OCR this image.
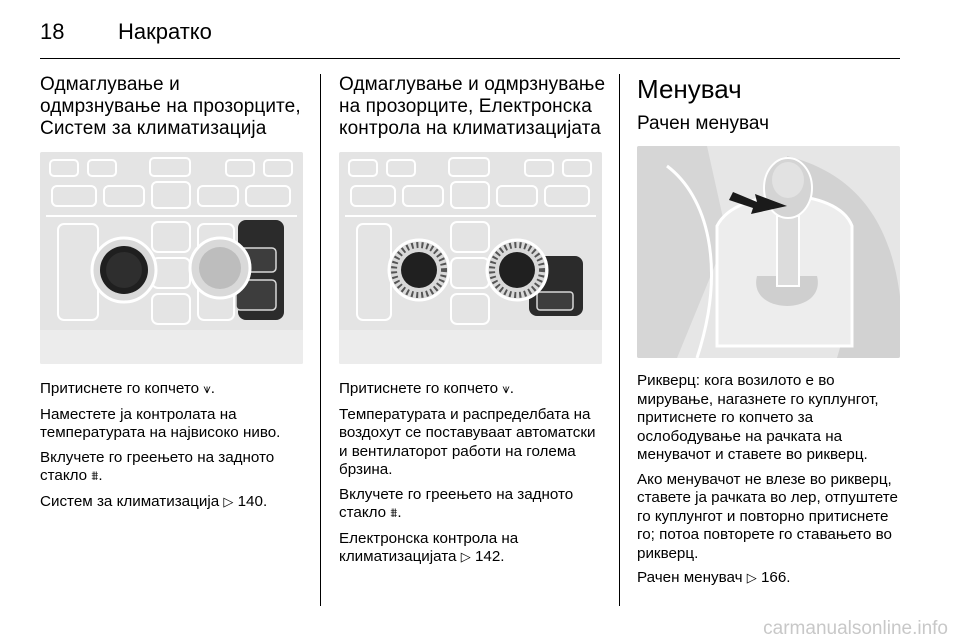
18 Накратко
Одмаглување и одмрзнување на прозорците, Систем за климатизација

Притиснете го копчето ⩛.

Наместете ја контролата на температурата на највисоко ниво.

Вклучете го греењето на задното стакло ⩩.

Систем за климатизација ▷ 140.

Одмаглување и одмрзнување на прозорците, Електронска контрола на климатизацијата

Притиснете го копчето ⩛.

Температурата и распределбата на воздохут се поставуваат автоматски и вентилаторот работи на голема брзина.

Вклучете го греењето на задното стакло ⩩.

Електронска контрола на климатизацијата ▷ 142.

Менувач
Рачен менувач

Рикверц: кога возилото е во мирување, нагазнете го куплунгот, притиснете го копчето за ослободување на рачката на менувачот и ставете во рикверц.

Ако менувачот не влезе во рикверц, ставете ја рачката во лер, отпуштете го куплунгот и повторно притиснете го; потоа повторете го ставањето во рикверц.

Рачен менувач ▷ 166.

carmanualsonline.info
